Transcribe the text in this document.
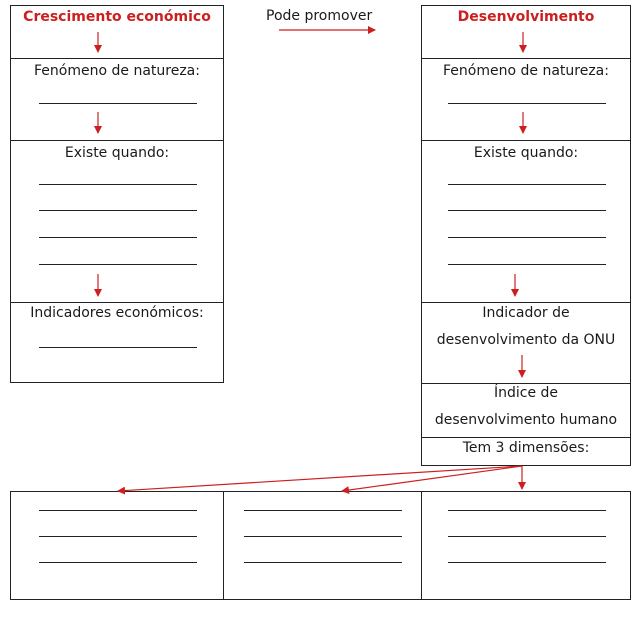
Crescimento económico
Fenómeno de natureza:
Existe quando:
Indicadores económicos:
Pode promover	Desenvolvimento
Fenómeno de natureza:
Existe quando:
Indicador de
desenvolvimento da ONU
Índice de
desenvolvimento humano
Tem 3 dimensões:
